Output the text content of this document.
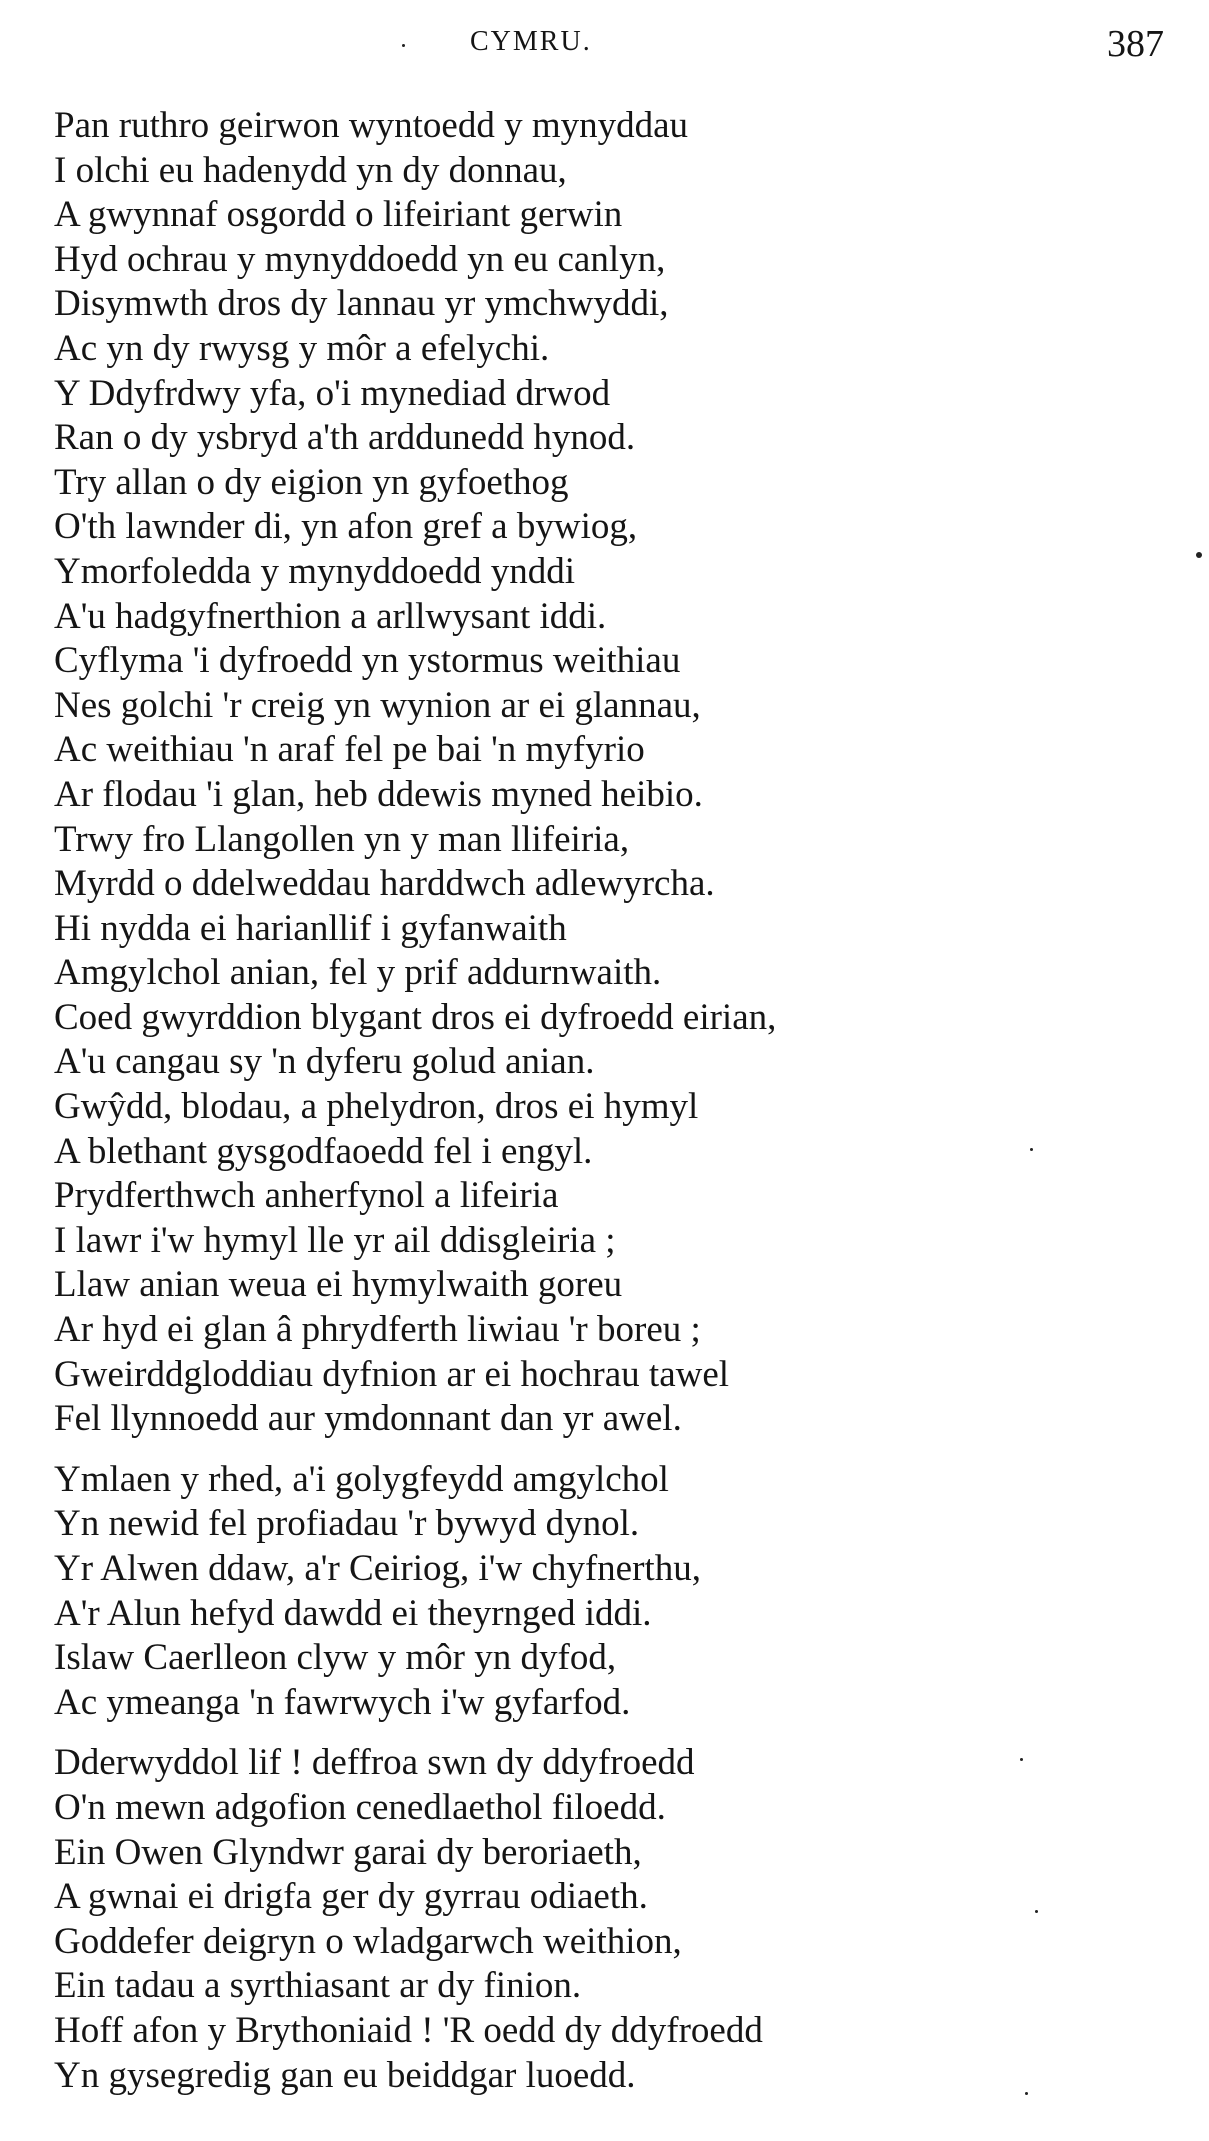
CYMRU.	387
Pan ruthro geirwon wyntoedd y mynyddau
I olchi eu hadenydd yn dy donnau,
A gwynnaf osgordd o lifeiriant gerwin
Hyd ochrau y mynyddoedd yn eu canlyn,
Disymwth dros dy lannau yr ymchwyddi,
Ac yn dy rwysg y môr a efelychi.
Y Ddyfrdwy yfa, o'i mynediad drwod
Ran o dy ysbryd a'th arddunedd hynod.
Try allan o dy eigion yn gyfoethog
O'th lawnder di, yn afon gref a bywiog,
Ymorfoledda y mynyddoedd ynddi
A'u hadgyfnerthion a arllwysant iddi.
Cyflyma 'i dyfroedd yn ystormus weithiau
Nes golchi 'r creig yn wynion ar ei glannau,
Ac weithiau 'n araf fel pe bai 'n myfyrio
Ar flodau 'i glan, heb ddewis myned heibio.
Trwy fro Llangollen yn y man llifeiria,
Myrdd o ddelweddau harddwch adlewyrcha.
Hi nydda ei harianllif i gyfanwaith
Amgylchol anian, fel y prif addurnwaith.
Coed gwyrddion blygant dros ei dyfroedd eirian,
A'u cangau sy 'n dyferu golud anian.
Gwŷdd, blodau, a phelydron, dros ei hymyl
A blethant gysgodfaoedd fel i engyl.
Prydferthwch anherfynol a lifeiria
I lawr i'w hymyl lle yr ail ddisgleiria ;
Llaw anian weua ei hymylwaith goreu
Ar hyd ei glan â phrydferth liwiau 'r boreu ;
Gweirddgloddiau dyfnion ar ei hochrau tawel
Fel llynnoedd aur ymdonnant dan yr awel.
Ymlaen y rhed, a'i golygfeydd amgylchol
Yn newid fel profiadau 'r bywyd dynol.
Yr Alwen ddaw, a'r Ceiriog, i'w chyfnerthu,
A'r Alun hefyd dawdd ei theyrnged iddi.
Islaw Caerlleon clyw y môr yn dyfod,
Ac ymeanga 'n fawrwych i'w gyfarfod.
Dderwyddol lif ! deffroa swn dy ddyfroedd
O'n mewn adgofion cenedlaethol filoedd.
Ein Owen Glyndwr garai dy beroriaeth,
A gwnai ei drigfa ger dy gyrrau odiaeth.
Goddefer deigryn o wladgarwch weithion,
Ein tadau a syrthiasant ar dy finion.
Hoff afon y Brythoniaid ! 'R oedd dy ddyfroedd
Yn gysegredig gan eu beiddgar luoedd.
